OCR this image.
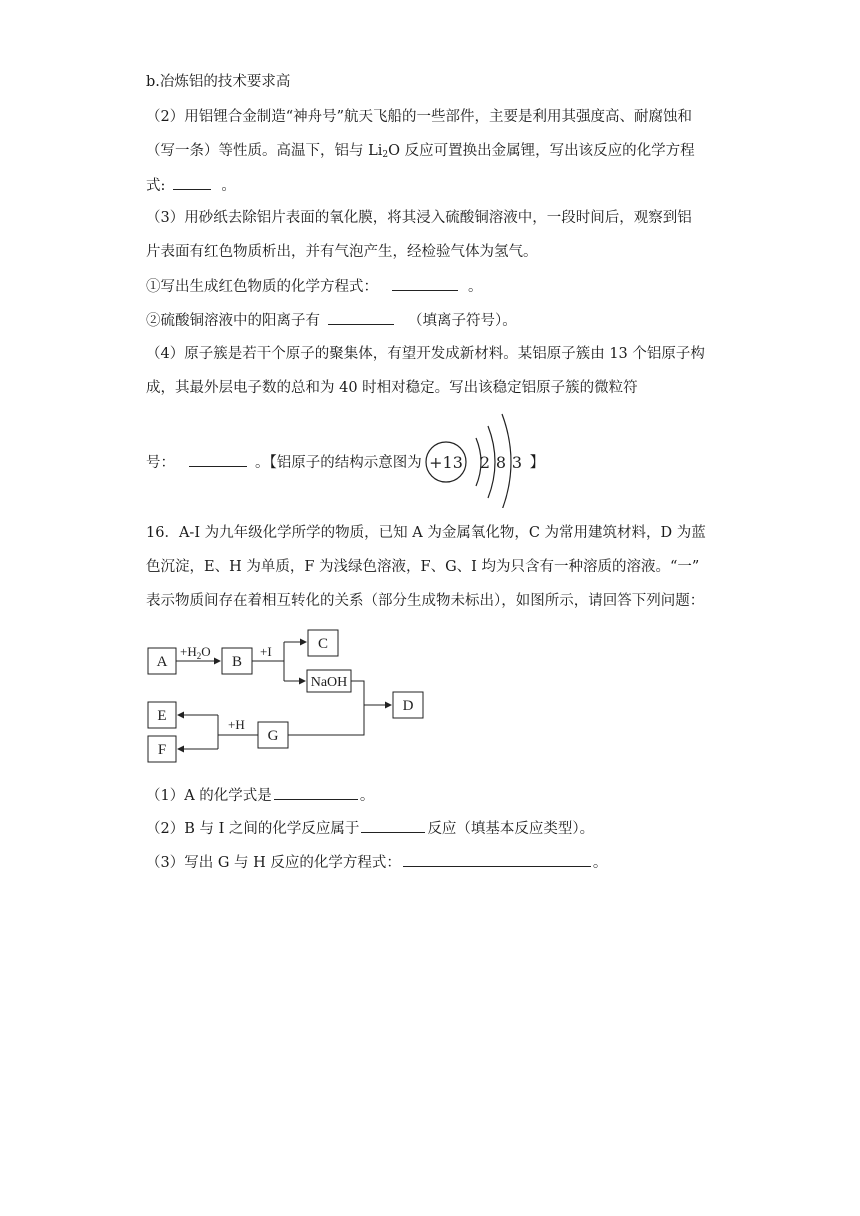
b.冶炼铝的技术要求高
（2）用铝锂合金制造“神舟号”航天飞船的一些部件，主要是利用其强度高、耐腐蚀和
（写一条）等性质。高温下，铝与 $Li_2O$ 反应可置换出金属锂，写出该反应的化学方程
式:	。
（3）用砂纸去除铝片表面的氧化膜，将其浸入硫酸铜溶液中，一段时间后，观察到铝
片表面有红色物质析出，并有气泡产生，经检验气体为氢气。
①写出生成红色物质的化学方程式：	。
②硫酸铜溶液中的阳离子有	（填离子符号）。
（4）原子簇是若干个原子的聚集体，有望开发成新材料。某铝原子簇由 13 个铝原子构
成，其最外层电子数的总和为 40 时相对稳定。写出该稳定铝原子簇的微粒符
号：	。【铝原子的结构示意图为	】
+13 2 8 3
16．A-I 为九年级化学所学的物质，已知 A 为金属氧化物，C 为常用建筑材料，D 为蓝
色沉淀，E、H 为单质，F 为浅绿色溶液，F、G、I 均为只含有一种溶质的溶液。“一”
表示物质间存在着相互转化的关系（部分生成物未标出），如图所示，请回答下列问题：
A	B
C
NaOH
D
E
F
G
$+H_2O$	+I
+H
（1）A 的化学式是	。
（2）B 与 I 之间的化学反应属于	反应（填基本反应类型）。
（3）写出 G 与 H 反应的化学方程式：	。
